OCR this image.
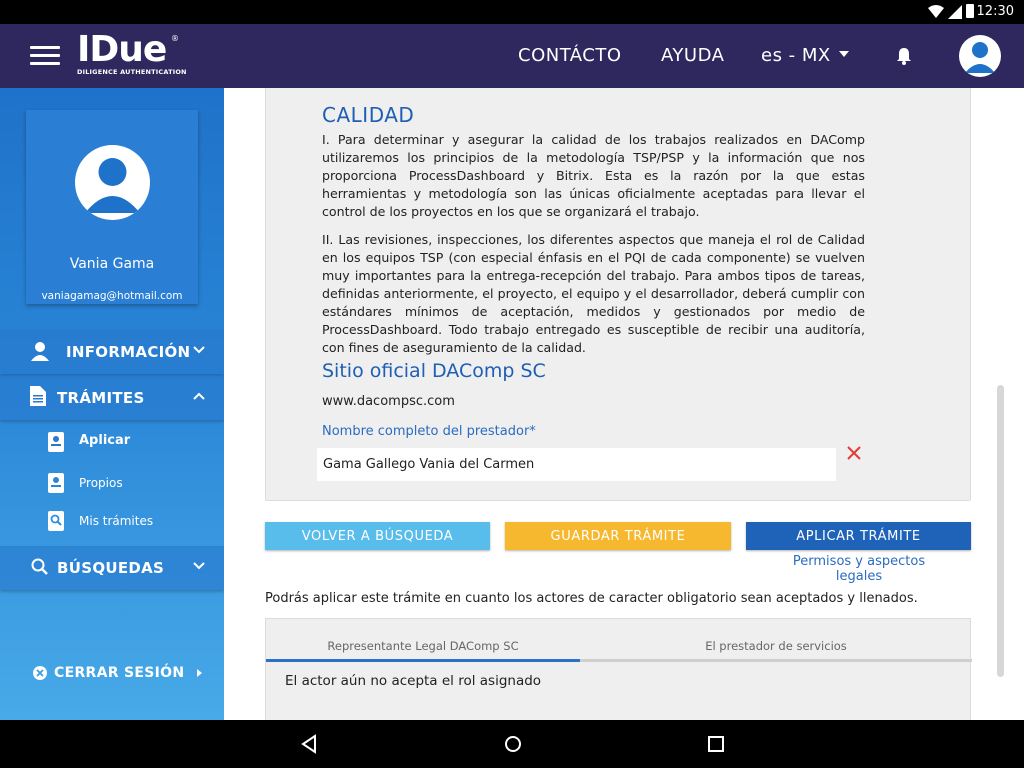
12:30
IDue ®
DILIGENCE AUTHENTICATION
CONTÁCTO AYUDA es - MX
Vania Gama
vaniagamag@hotmail.com
INFORMACIÓN
TRÁMITES
Aplicar
Propios
Mis trámites
BÚSQUEDAS
CERRAR SESIÓN
CALIDAD

I. Para determinar y asegurar la calidad de los trabajos realizados en DAComp utilizaremos los principios de la metodología TSP/PSP y la información que nos proporciona ProcessDashboard y Bitrix. Esta es la razón por la que estas herramientas y metodología son las únicas oficialmente aceptadas para llevar el control de los proyectos en los que se organizará el trabajo.

II. Las revisiones, inspecciones, los diferentes aspectos que maneja el rol de Calidad en los equipos TSP (con especial énfasis en el PQI de cada componente) se vuelven muy importantes para la entrega-recepción del trabajo. Para ambos tipos de tareas, definidas anteriormente, el proyecto, el equipo y el desarrollador, deberá cumplir con estándares mínimos de aceptación, medidos y gestionados por medio de ProcessDashboard. Todo trabajo entregado es susceptible de recibir una auditoría, con fines de aseguramiento de la calidad.

Sitio oficial DAComp SC
www.dacompsc.com
Nombre completo del prestador*
Gama Gallego Vania del Carmen
VOLVER A BÚSQUEDA	GUARDAR TRÁMITE	APLICAR TRÁMITE
Permisos y aspectos legales
Podrás aplicar este trámite en cuanto los actores de caracter obligatorio sean aceptados y llenados.
Representante Legal DAComp SC	El prestador de servicios
El actor aún no acepta el rol asignado
